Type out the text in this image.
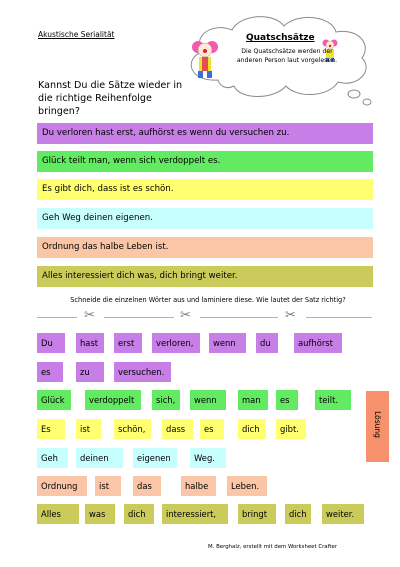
Akustische Serialität	Quatschsätze
Die Quatschsätze werden der anderen Person laut vorgelesen.
Kannst Du die Sätze wieder in die richtige Reihenfolge bringen?
Du verloren hast erst, aufhörst es wenn du versuchen zu.
Glück teilt man, wenn sich verdoppelt es.
Es gibt dich, dass ist es schön.
Geh Weg deinen eigenen.
Ordnung das halbe Leben ist.
Alles interessiert dich was, dich bringt weiter.
Schneide die einzelnen Wörter aus und laminiere diese. Wie lautet der Satz richtig?
✂	✂	✂
Du	hast	erst	verloren,	wenn	du	aufhörst
es	zu	versuchen.
Glück	verdoppelt	sich,	wenn	man	es	teilt.
Es	ist	schön,	dass	es	dich	gibt.
Geh	deinen	eigenen	Weg.
Ordnung	ist	das	halbe	Leben.
Alles	was	dich	interessiert,	bringt	dich	weiter.
Lösung
M. Berghalz, erstellt mit dem Worksheet Crafter
